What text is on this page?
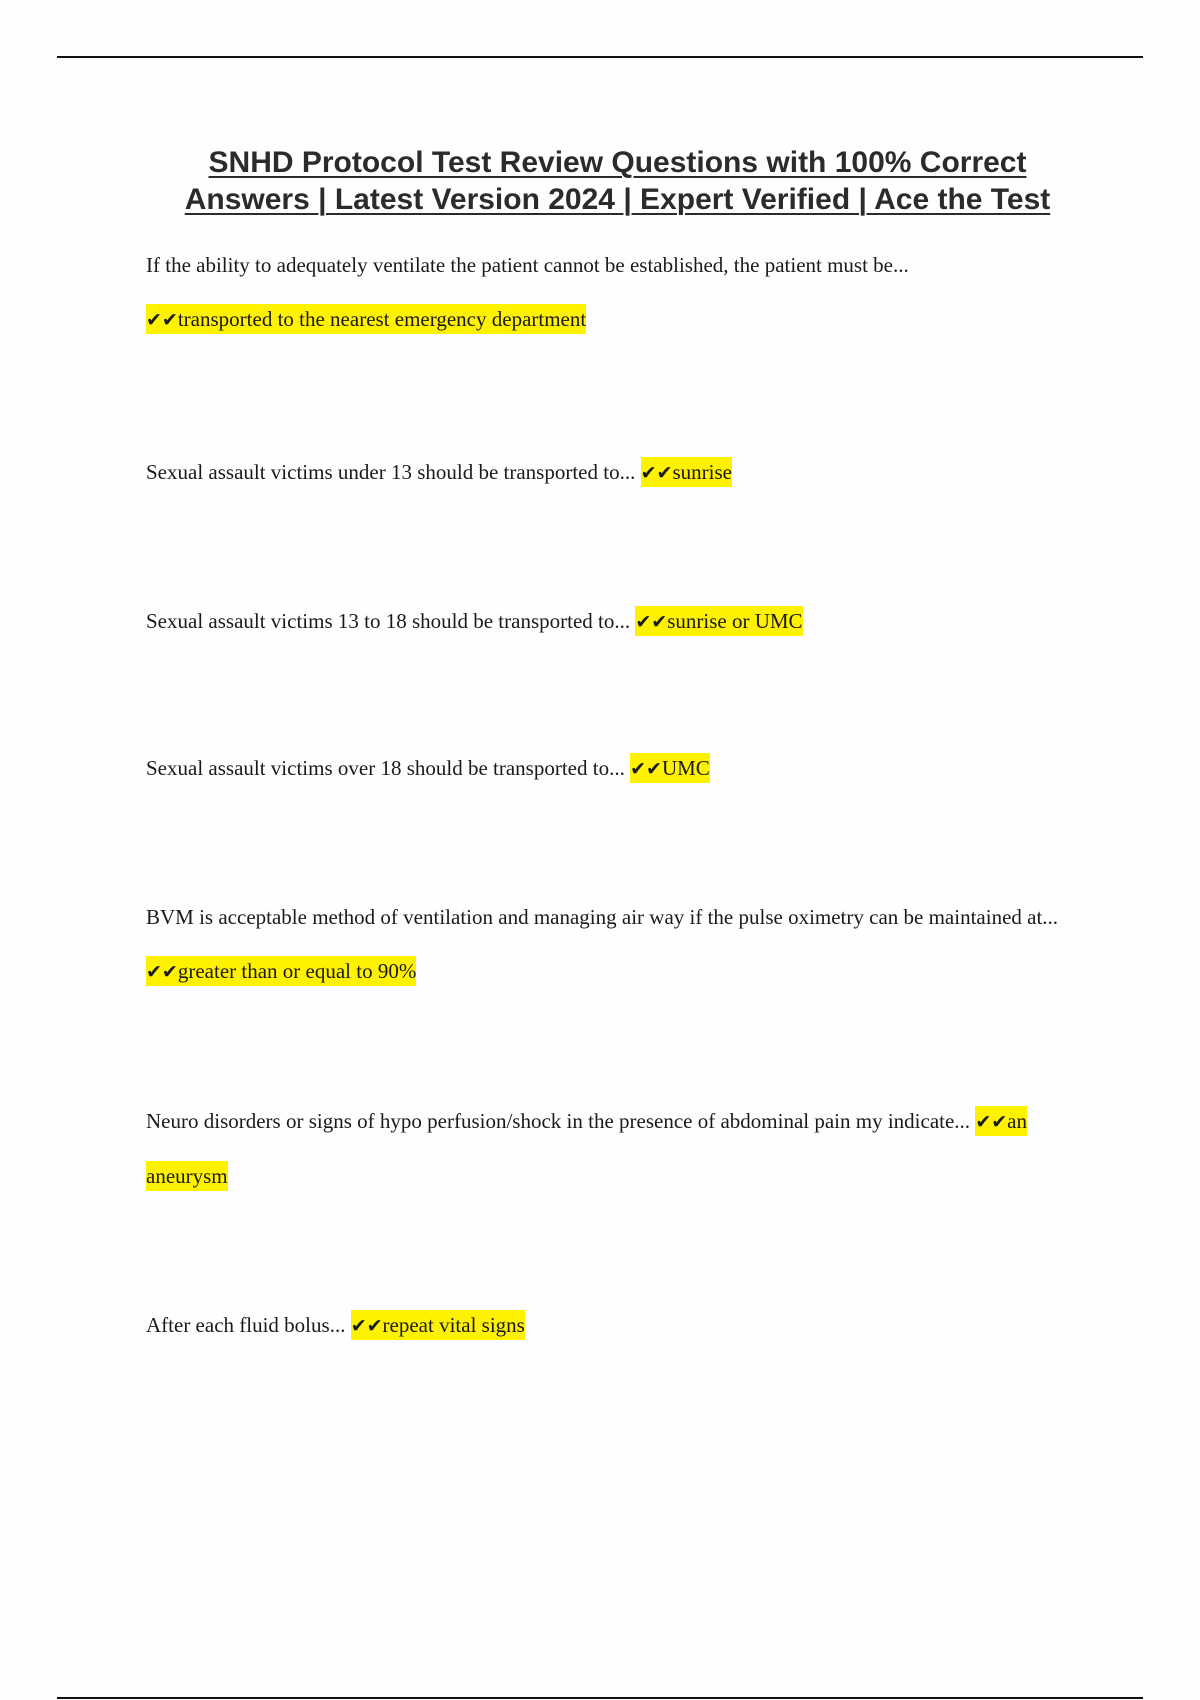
SNHD Protocol Test Review Questions with 100% Correct
Answers | Latest Version 2024 | Expert Verified | Ace the Test

If the ability to adequately ventilate the patient cannot be established, the patient must be...
✔✔transported to the nearest emergency department

Sexual assault victims under 13 should be transported to... ✔✔sunrise

Sexual assault victims 13 to 18 should be transported to... ✔✔sunrise or UMC

Sexual assault victims over 18 should be transported to... ✔✔UMC

BVM is acceptable method of ventilation and managing air way if the pulse oximetry can be maintained at... ✔✔greater than or equal to 90%

Neuro disorders or signs of hypo perfusion/shock in the presence of abdominal pain my indicate... ✔✔an aneurysm

After each fluid bolus... ✔✔repeat vital signs
